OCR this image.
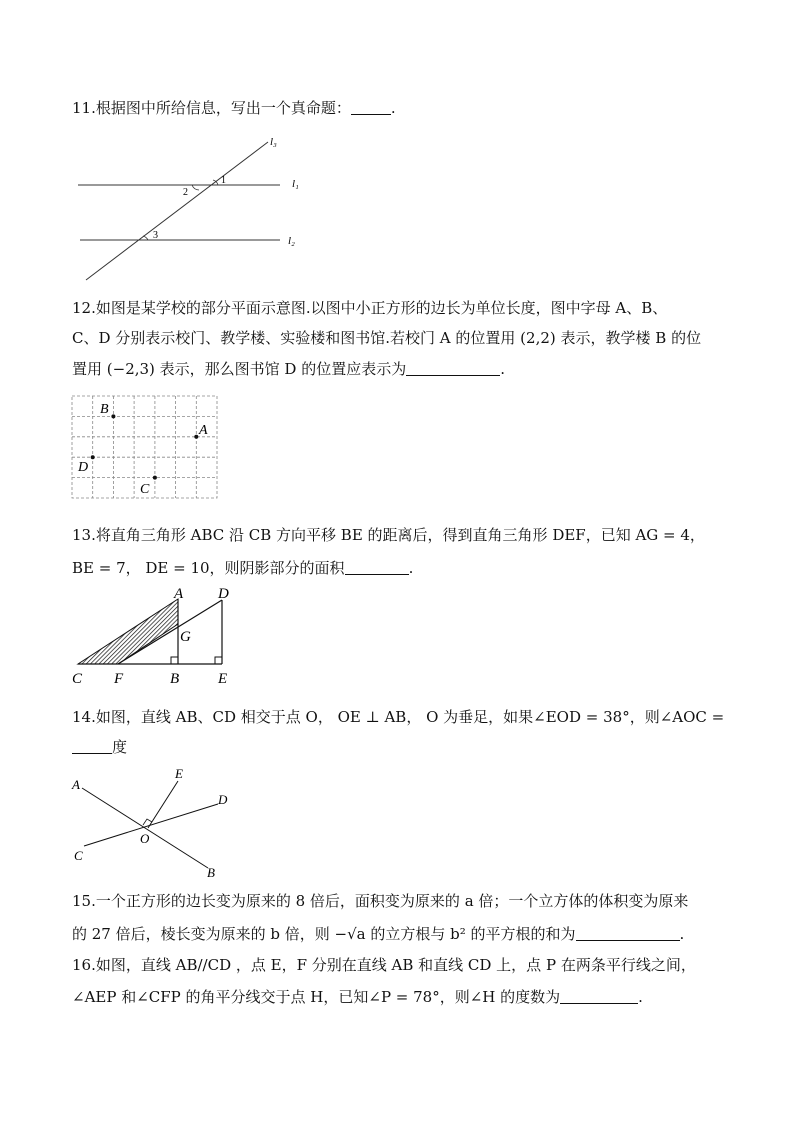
11.根据图中所给信息，写出一个真命题：	.
l₃
l₁
l₂
1
2
3
12.如图是某学校的部分平面示意图.以图中小正方形的边长为单位长度，图中字母 A、B、
C、D 分别表示校门、教学楼、实验楼和图书馆.若校门 A 的位置用 (2,2) 表示，教学楼 B 的位
置用 (−2,3) 表示，那么图书馆 D 的位置应表示为	.
B
A
D
C
13.将直角三角形 ABC 沿 CB 方向平移 BE 的距离后，得到直角三角形 DEF，已知 AG = 4，
BE = 7， DE = 10，则阴影部分的面积	.
A D
G
C F	B	E
14.如图，直线 AB、CD 相交于点 O， OE ⊥ AB， O 为垂足，如果∠EOD = 38°，则∠AOC =
度
A
E
D
O
C
B
15.一个正方形的边长变为原来的 8 倍后，面积变为原来的 a 倍；一个立方体的体积变为原来
的 27 倍后，棱长变为原来的 b 倍，则 −√a 的立方根与 b² 的平方根的和为	.
16.如图，直线 AB//CD ，点 E，F 分别在直线 AB 和直线 CD 上，点 P 在两条平行线之间，
∠AEP 和∠CFP 的角平分线交于点 H，已知∠P = 78°，则∠H 的度数为	.
